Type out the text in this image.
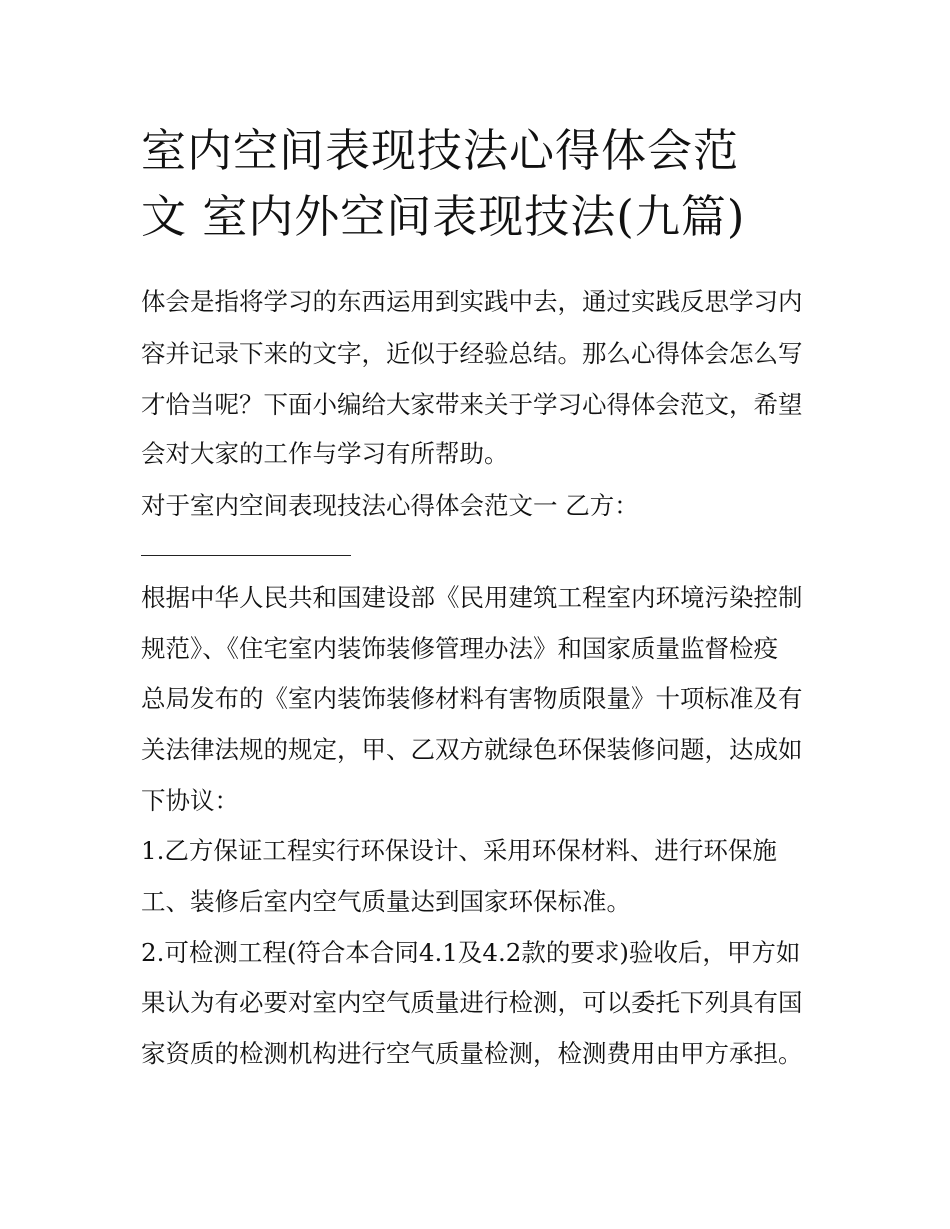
室内空间表现技法心得体会范
文 室内外空间表现技法(九篇)

体会是指将学习的东西运用到实践中去，通过实践反思学习内

容并记录下来的文字，近似于经验总结。那么心得体会怎么写

才恰当呢？下面小编给大家带来关于学习心得体会范文，希望

会对大家的工作与学习有所帮助。

对于室内空间表现技法心得体会范文一 乙方：

根据中华人民共和国建设部《民用建筑工程室内环境污染控制

规范》、《住宅室内装饰装修管理办法》和国家质量监督检疫

总局发布的《室内装饰装修材料有害物质限量》十项标准及有

关法律法规的规定，甲、乙双方就绿色环保装修问题，达成如

下协议：

1.乙方保证工程实行环保设计、采用环保材料、进行环保施

工、装修后室内空气质量达到国家环保标准。

2.可检测工程(符合本合同4.1及4.2款的要求)验收后，甲方如

果认为有必要对室内空气质量进行检测，可以委托下列具有国

家资质的检测机构进行空气质量检测，检测费用由甲方承担。
